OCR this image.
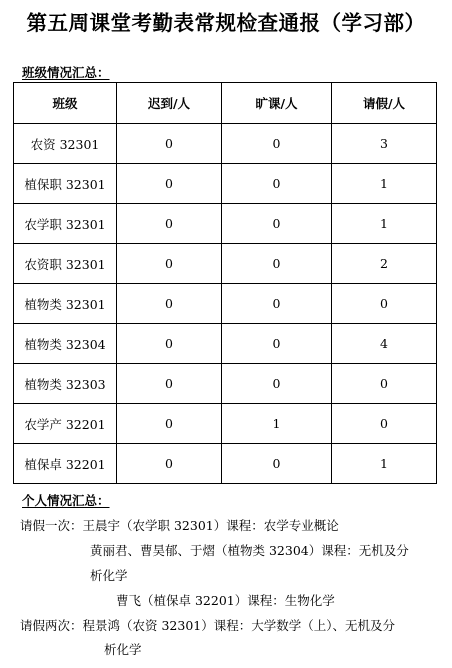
第五周课堂考勤表常规检查通报（学习部）
班级情况汇总：
班级	迟到/人	旷课/人	请假/人
农资 32301	0	0	3
植保职 32301	0	0	1
农学职 32301	0	0	1
农资职 32301	0	0	2
植物类 32301	0	0	0
植物类 32304	0	0	4
植物类 32303	0	0	0
农学产 32201	0	1	0
植保卓 32201	0	0	1
个人情况汇总：
请假一次：王晨宇（农学职 32301）课程：农学专业概论
黄丽君、曹昊郁、于熠（植物类 32304）课程：无机及分
析化学
曹飞（植保卓 32201）课程：生物化学
请假两次：程景鸿（农资 32301）课程：大学数学（上）、无机及分
析化学
